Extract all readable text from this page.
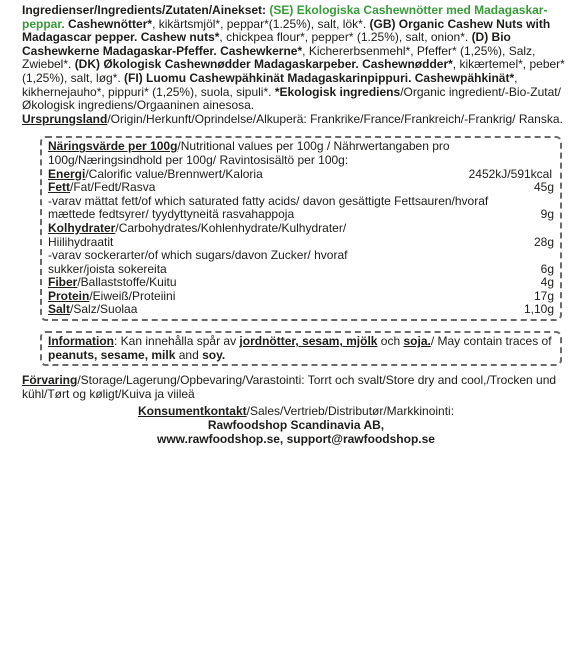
Ingredienser/Ingredients/Zutaten/Ainekset: (SE) Ekologiska Cashewnötter med Madagaskar-peppar. Cashewnötter*, kikärtsmjöl*, peppar*(1.25%), salt, lök*. (GB) Organic Cashew Nuts with Madagascar pepper. Cashew nuts*, chickpea flour*, pepper* (1.25%), salt, onion*. (D) Bio Cashewkerne Madagaskar-Pfeffer. Cashewkerne*, Kichererbsenmehl*, Pfeffer* (1,25%), Salz, Zwiebel*. (DK) Økologisk Cashewnødder Madagaskarpeber. Cashewnødder*, kikærtemel*, peber* (1,25%), salt, løg*. (FI) Luomu Cashewpähkinät Madagaskarinpippuri. Cashewpähkinät*, kikhernejauho*, pippuri* (1,25%), suola, sipuli*. *Ekologisk ingrediens/Organic ingredient/-Bio-Zutat/Økologisk ingrediens/Orgaaninen ainesosa.
Ursprungsland/Origin/Herkunft/Oprindelse/Alkuperä: Frankrike/France/Frankreich/-Frankrig/ Ranska.

Näringsvärde per 100g/Nutritional values per 100g / Nährwertangaben pro 100g/Næringsindhold per 100g/ Ravintosisältö per 100g:
Energi/Calorific value/Brennwert/Kaloria	2452kJ/591kcal
Fett/Fat/Fedt/Rasva	45g
-varav mättat fett/of which saturated fatty acids/ davon gesättigte Fettsauren/hvoraf mættede fedtsyrer/ tyydyttyneitä rasvahappoja	9g
Kolhydrater/Carbohydrates/Kohlenhydrate/Kulhydrater/ Hiilihydraatit	28g
-varav sockerarter/of which sugars/davon Zucker/ hvoraf sukker/joista sokereita	6g
Fiber/Ballaststoffe/Kuitu	4g
Protein/Eiweiß/Proteiini	17g
Salt/Salz/Suolaa	1,10g
Information: Kan innehålla spår av jordnötter, sesam, mjölk och soja./ May contain traces of peanuts, sesame, milk and soy.
Förvaring/Storage/Lagerung/Opbevaring/Varastointi: Torrt och svalt/Store dry and cool,/Trocken und kühl/Tørt og køligt/Kuiva ja viileä
Konsumentkontakt/Sales/Vertrieb/Distributør/Markkinointi:
Rawfoodshop Scandinavia AB,
www.rawfoodshop.se, support@rawfoodshop.se
